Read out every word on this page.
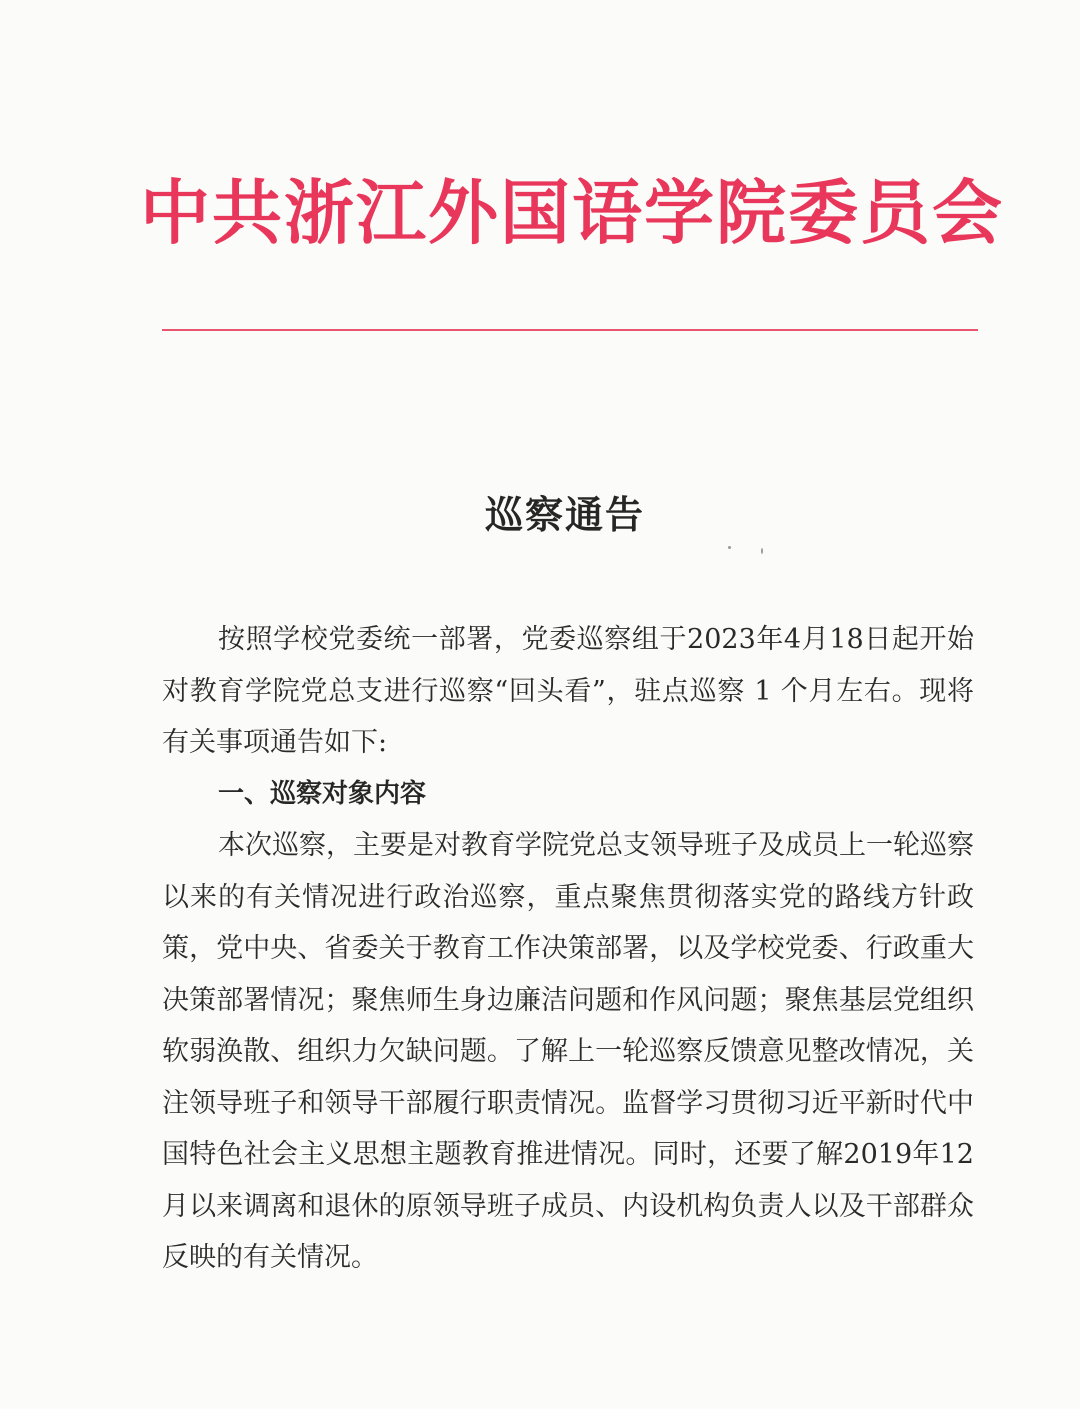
中共浙江外国语学院委员会
巡察通告

按照学校党委统一部署，党委巡察组于2023年4月18日起开始对教育学院党总支进行巡察“回头看”，驻点巡察 1 个月左右。现将有关事项通告如下:

一、巡察对象内容

本次巡察，主要是对教育学院党总支领导班子及成员上一轮巡察以来的有关情况进行政治巡察，重点聚焦贯彻落实党的路线方针政策，党中央、省委关于教育工作决策部署，以及学校党委、行政重大决策部署情况；聚焦师生身边廉洁问题和作风问题；聚焦基层党组织软弱涣散、组织力欠缺问题。了解上一轮巡察反馈意见整改情况，关注领导班子和领导干部履行职责情况。监督学习贯彻习近平新时代中国特色社会主义思想主题教育推进情况。同时，还要了解2019年12月以来调离和退休的原领导班子成员、内设机构负责人以及干部群众反映的有关情况。
